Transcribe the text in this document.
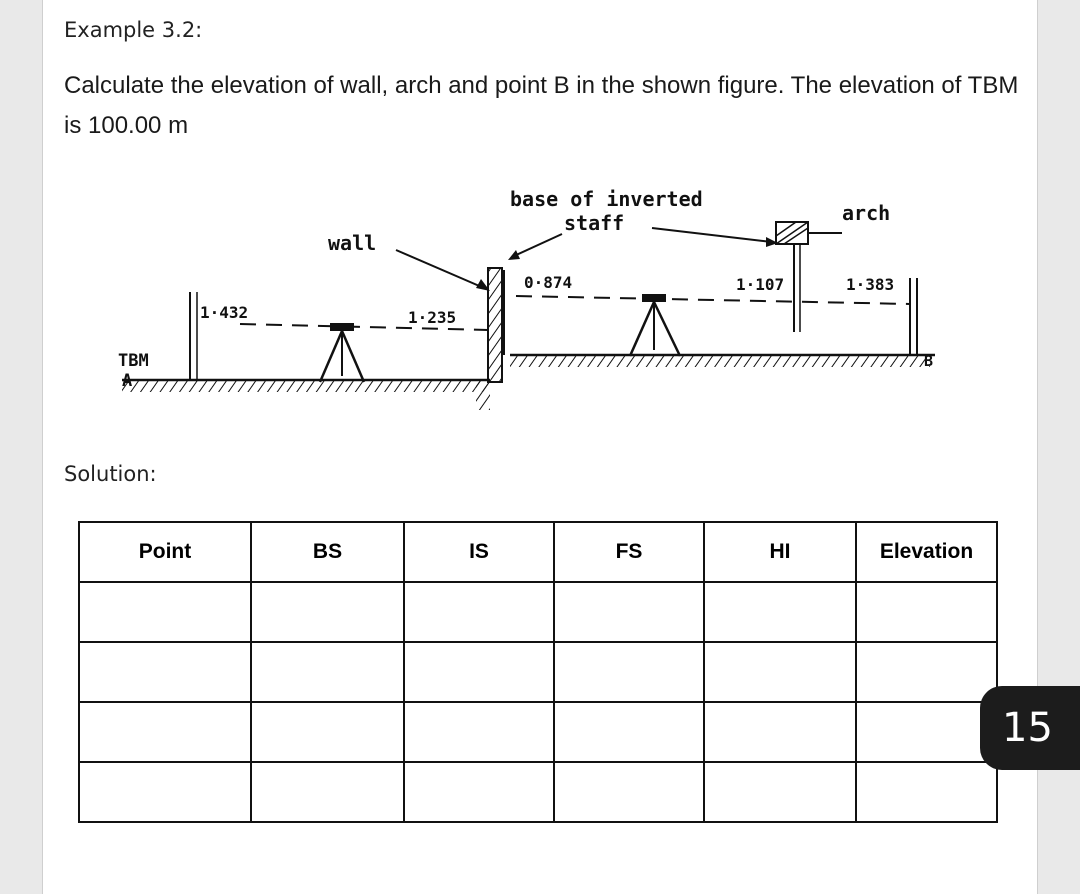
Example 3.2:
Calculate the elevation of wall, arch and point B in the shown figure. The elevation of TBM is 100.00 m
TBM
A
1·432	1·235
wall
base of inverted
staff
0·874	1·107
arch
1·383
B
Solution:
Point	BS	IS	FS	HI	Elevation

15
